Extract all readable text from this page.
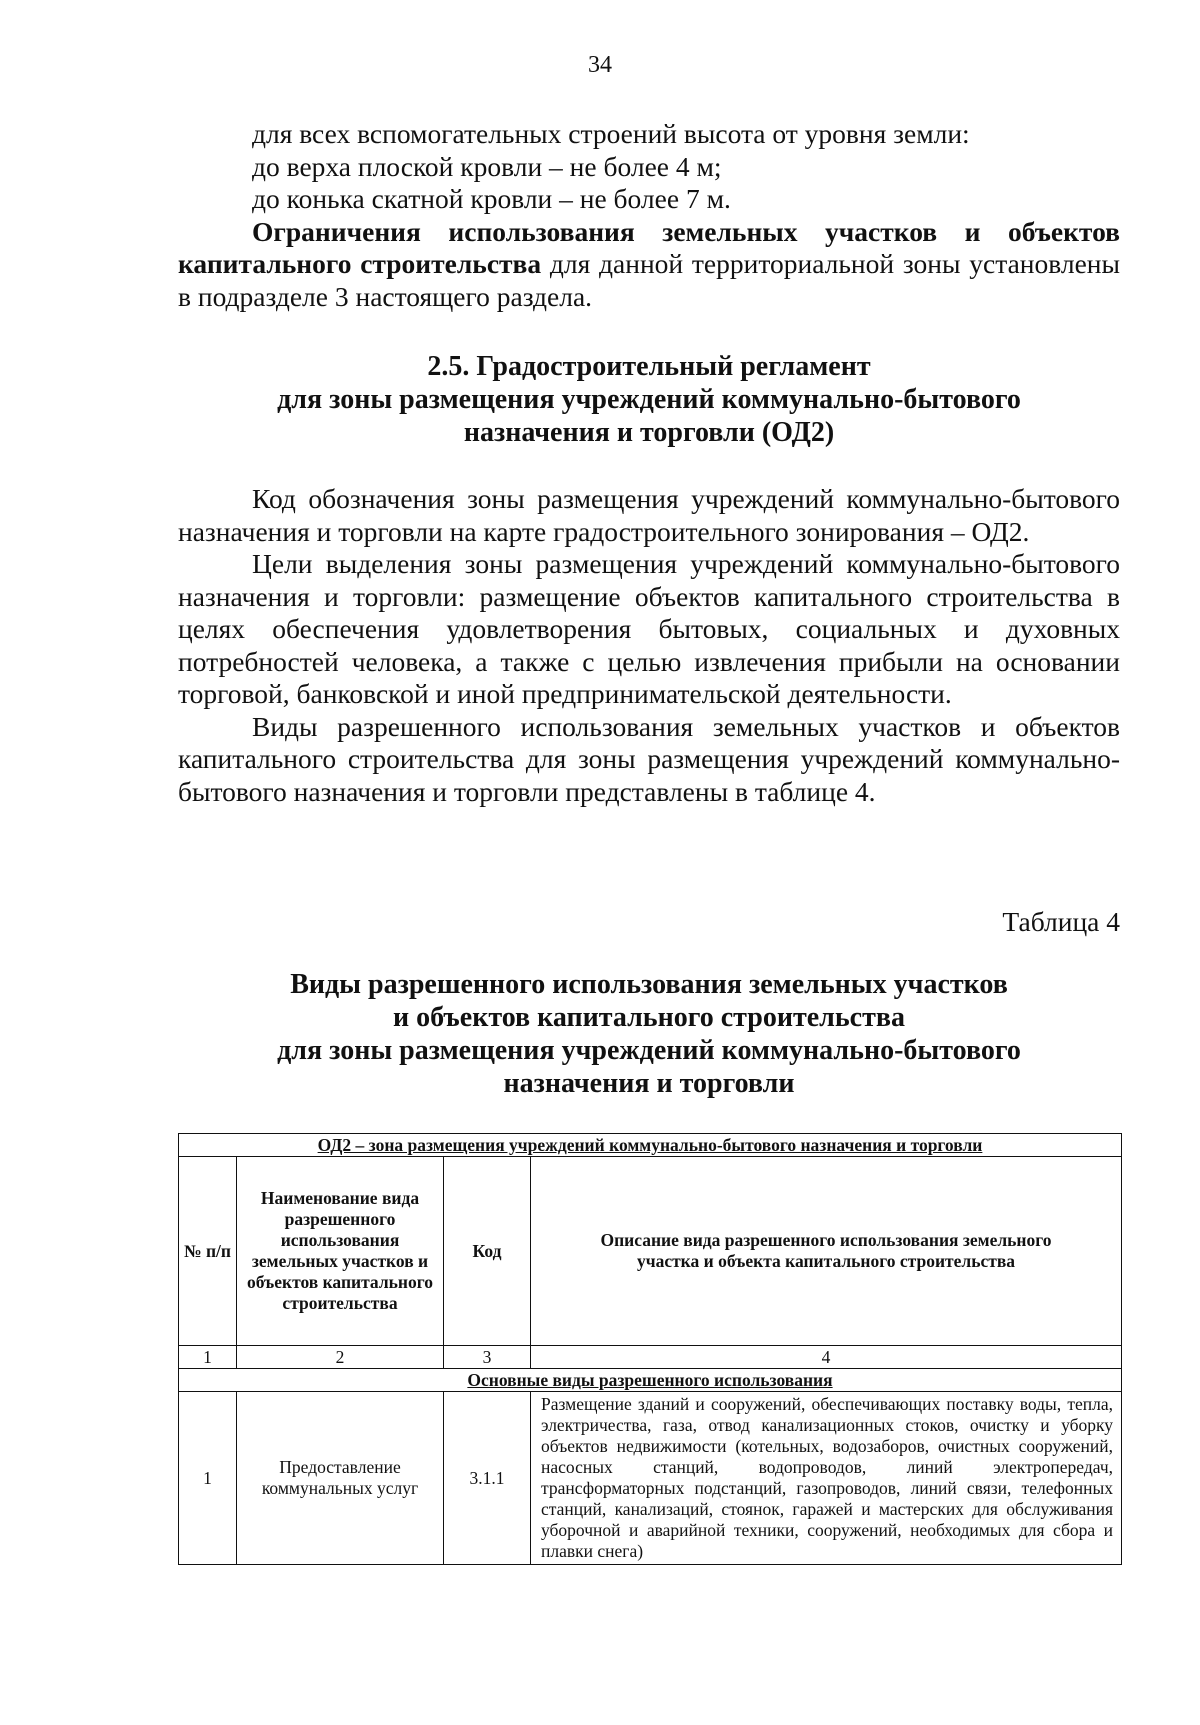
34

для всех вспомогательных строений высота от уровня земли:

до верха плоской кровли – не более 4 м;

до конька скатной кровли – не более 7 м.

Ограничения использования земельных участков и объектов капитального строительства для данной территориальной зоны установлены в подразделе 3 настоящего раздела.

2.5. Градостроительный регламент
для зоны размещения учреждений коммунально-бытового
назначения и торговли (ОД2)

Код обозначения зоны размещения учреждений коммунально-бытового назначения и торговли на карте градостроительного зонирования – ОД2.

Цели выделения зоны размещения учреждений коммунально-бытового назначения и торговли: размещение объектов капитального строительства в целях обеспечения удовлетворения бытовых, социальных и духовных потребностей человека, а также с целью извлечения прибыли на основании торговой, банковской и иной предпринимательской деятельности.

Виды разрешенного использования земельных участков и объектов капитального строительства для зоны размещения учреждений коммунально-бытового назначения и торговли представлены в таблице 4.

Таблица 4
Виды разрешенного использования земельных участков
и объектов капитального строительства
для зоны размещения учреждений коммунально-бытового
назначения и торговли
ОД2 – зона размещения учреждений коммунально-бытового назначения и торговли			
№ п/п	Наименование вида разрешенного использования земельных участков и объектов капитального строительства	Код	Описание вида разрешенного использования земельного участка и объекта капитального строительства
1	2	3	4
Основные виды разрешенного использования			
1	Предоставление коммунальных услуг	3.1.1	Размещение зданий и сооружений, обеспечивающих поставку воды, тепла, электричества, газа, отвод канализационных стоков, очистку и уборку объектов недвижимости (котельных, водозаборов, очистных сооружений, насосных станций, водопроводов, линий электропередач, трансформаторных подстанций, газопроводов, линий связи, телефонных станций, канализаций, стоянок, гаражей и мастерских для обслуживания уборочной и аварийной техники, сооружений, необходимых для сбора и плавки снега)
